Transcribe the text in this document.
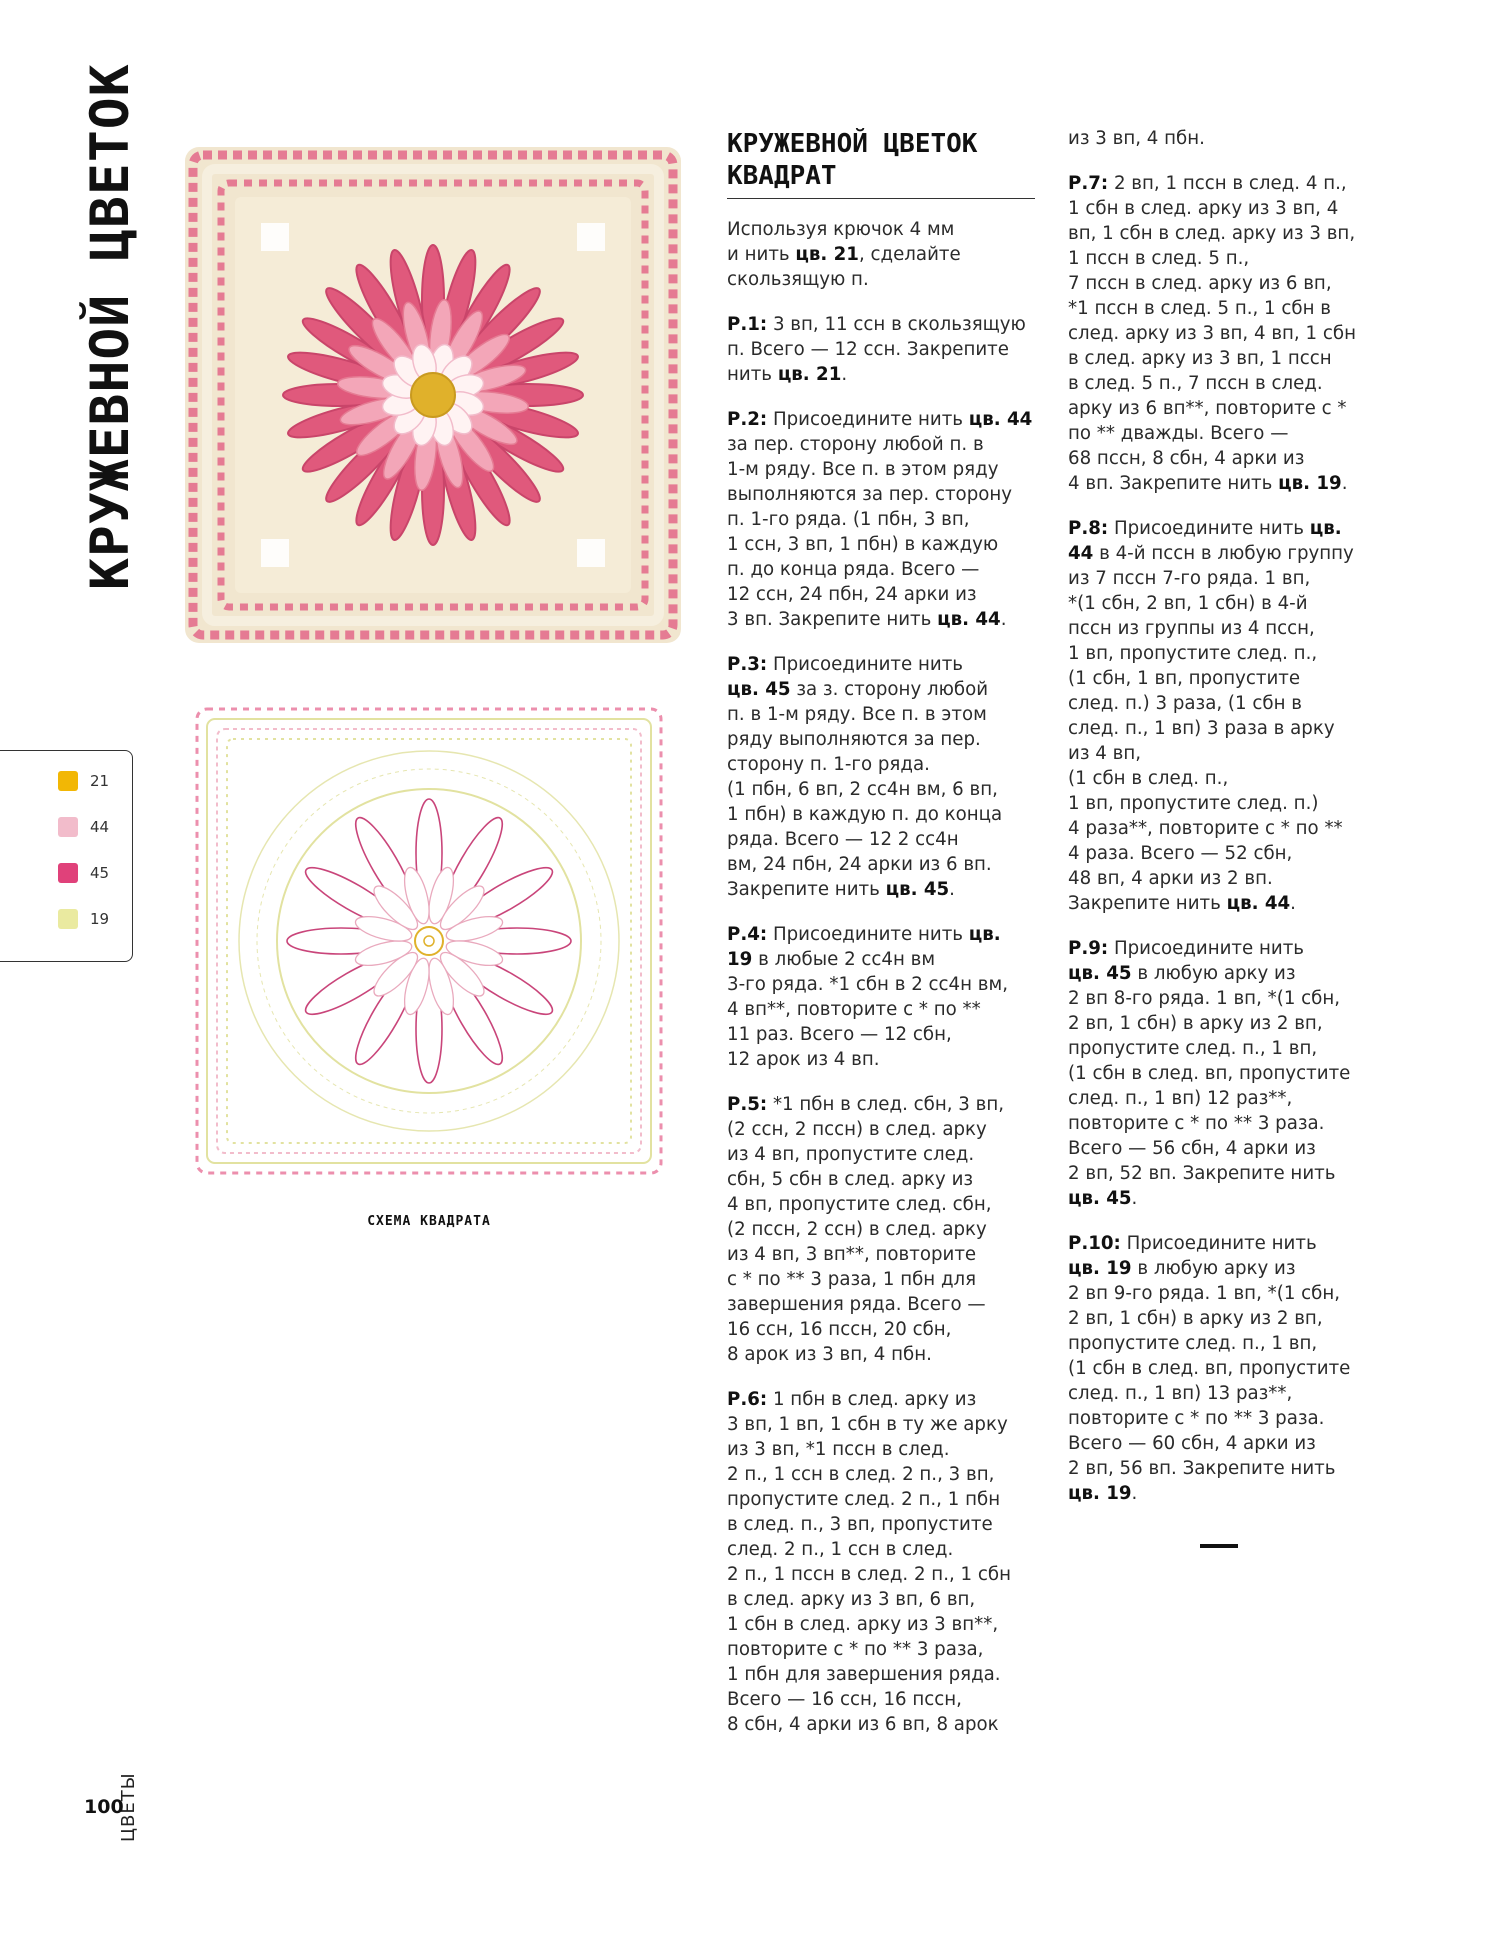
КРУЖЕВНОЙ ЦВЕТОК
СХЕМА КВАДРАТА
21
44
45
19
ЦВЕТЫ
100
КРУЖЕВНОЙ ЦВЕТОК
КВАДРАТ

Используя крючок 4 мм
и нить цв. 21, сделайте
скользящую п.

Р.1: 3 вп, 11 ссн в скользящую
п. Всего — 12 ссн. Закрепите
нить цв. 21.

Р.2: Присоедините нить цв. 44
за пер. сторону любой п. в
1-м ряду. Все п. в этом ряду
выполняются за пер. сторону
п. 1-го ряда. (1 пбн, 3 вп,
1 ссн, 3 вп, 1 пбн) в каждую
п. до конца ряда. Всего —
12 ссн, 24 пбн, 24 арки из
3 вп. Закрепите нить цв. 44.

Р.3: Присоедините нить
цв. 45 за з. сторону любой
п. в 1-м ряду. Все п. в этом
ряду выполняются за пер.
сторону п. 1-го ряда.
(1 пбн, 6 вп, 2 сс4н вм, 6 вп,
1 пбн) в каждую п. до конца
ряда. Всего — 12 2 сс4н
вм, 24 пбн, 24 арки из 6 вп.
Закрепите нить цв. 45.

Р.4: Присоедините нить цв.
19 в любые 2 сс4н вм
3-го ряда. *1 сбн в 2 сс4н вм,
4 вп**, повторите с * по **
11 раз. Всего — 12 сбн,
12 арок из 4 вп.

Р.5: *1 пбн в след. сбн, 3 вп,
(2 ссн, 2 пссн) в след. арку
из 4 вп, пропустите след.
сбн, 5 сбн в след. арку из
4 вп, пропустите след. сбн,
(2 пссн, 2 ссн) в след. арку
из 4 вп, 3 вп**, повторите
с * по ** 3 раза, 1 пбн для
завершения ряда. Всего —
16 ссн, 16 пссн, 20 сбн,
8 арок из 3 вп, 4 пбн.

Р.6: 1 пбн в след. арку из
3 вп, 1 вп, 1 сбн в ту же арку
из 3 вп, *1 пссн в след.
2 п., 1 ссн в след. 2 п., 3 вп,
пропустите след. 2 п., 1 пбн
в след. п., 3 вп, пропустите
след. 2 п., 1 ссн в след.
2 п., 1 пссн в след. 2 п., 1 сбн
в след. арку из 3 вп, 6 вп,
1 сбн в след. арку из 3 вп**,
повторите с * по ** 3 раза,
1 пбн для завершения ряда.
Всего — 16 ссн, 16 пссн,
8 сбн, 4 арки из 6 вп, 8 арок

из 3 вп, 4 пбн.

Р.7: 2 вп, 1 пссн в след. 4 п.,
1 сбн в след. арку из 3 вп, 4
вп, 1 сбн в след. арку из 3 вп,
1 пссн в след. 5 п.,
7 пссн в след. арку из 6 вп,
*1 пссн в след. 5 п., 1 сбн в
след. арку из 3 вп, 4 вп, 1 сбн
в след. арку из 3 вп, 1 пссн
в след. 5 п., 7 пссн в след.
арку из 6 вп**, повторите с *
по ** дважды. Всего —
68 пссн, 8 сбн, 4 арки из
4 вп. Закрепите нить цв. 19.

Р.8: Присоедините нить цв.
44 в 4-й пссн в любую группу
из 7 пссн 7-го ряда. 1 вп,
*(1 сбн, 2 вп, 1 сбн) в 4-й
пссн из группы из 4 пссн,
1 вп, пропустите след. п.,
(1 сбн, 1 вп, пропустите
след. п.) 3 раза, (1 сбн в
след. п., 1 вп) 3 раза в арку
из 4 вп,
(1 сбн в след. п.,
1 вп, пропустите след. п.)
4 раза**, повторите с * по **
4 раза. Всего — 52 сбн,
48 вп, 4 арки из 2 вп.
Закрепите нить цв. 44.

Р.9: Присоедините нить
цв. 45 в любую арку из
2 вп 8-го ряда. 1 вп, *(1 сбн,
2 вп, 1 сбн) в арку из 2 вп,
пропустите след. п., 1 вп,
(1 сбн в след. вп, пропустите
след. п., 1 вп) 12 раз**,
повторите с * по ** 3 раза.
Всего — 56 сбн, 4 арки из
2 вп, 52 вп. Закрепите нить
цв. 45.

Р.10: Присоедините нить
цв. 19 в любую арку из
2 вп 9-го ряда. 1 вп, *(1 сбн,
2 вп, 1 сбн) в арку из 2 вп,
пропустите след. п., 1 вп,
(1 сбн в след. вп, пропустите
след. п., 1 вп) 13 раз**,
повторите с * по ** 3 раза.
Всего — 60 сбн, 4 арки из
2 вп, 56 вп. Закрепите нить
цв. 19.
